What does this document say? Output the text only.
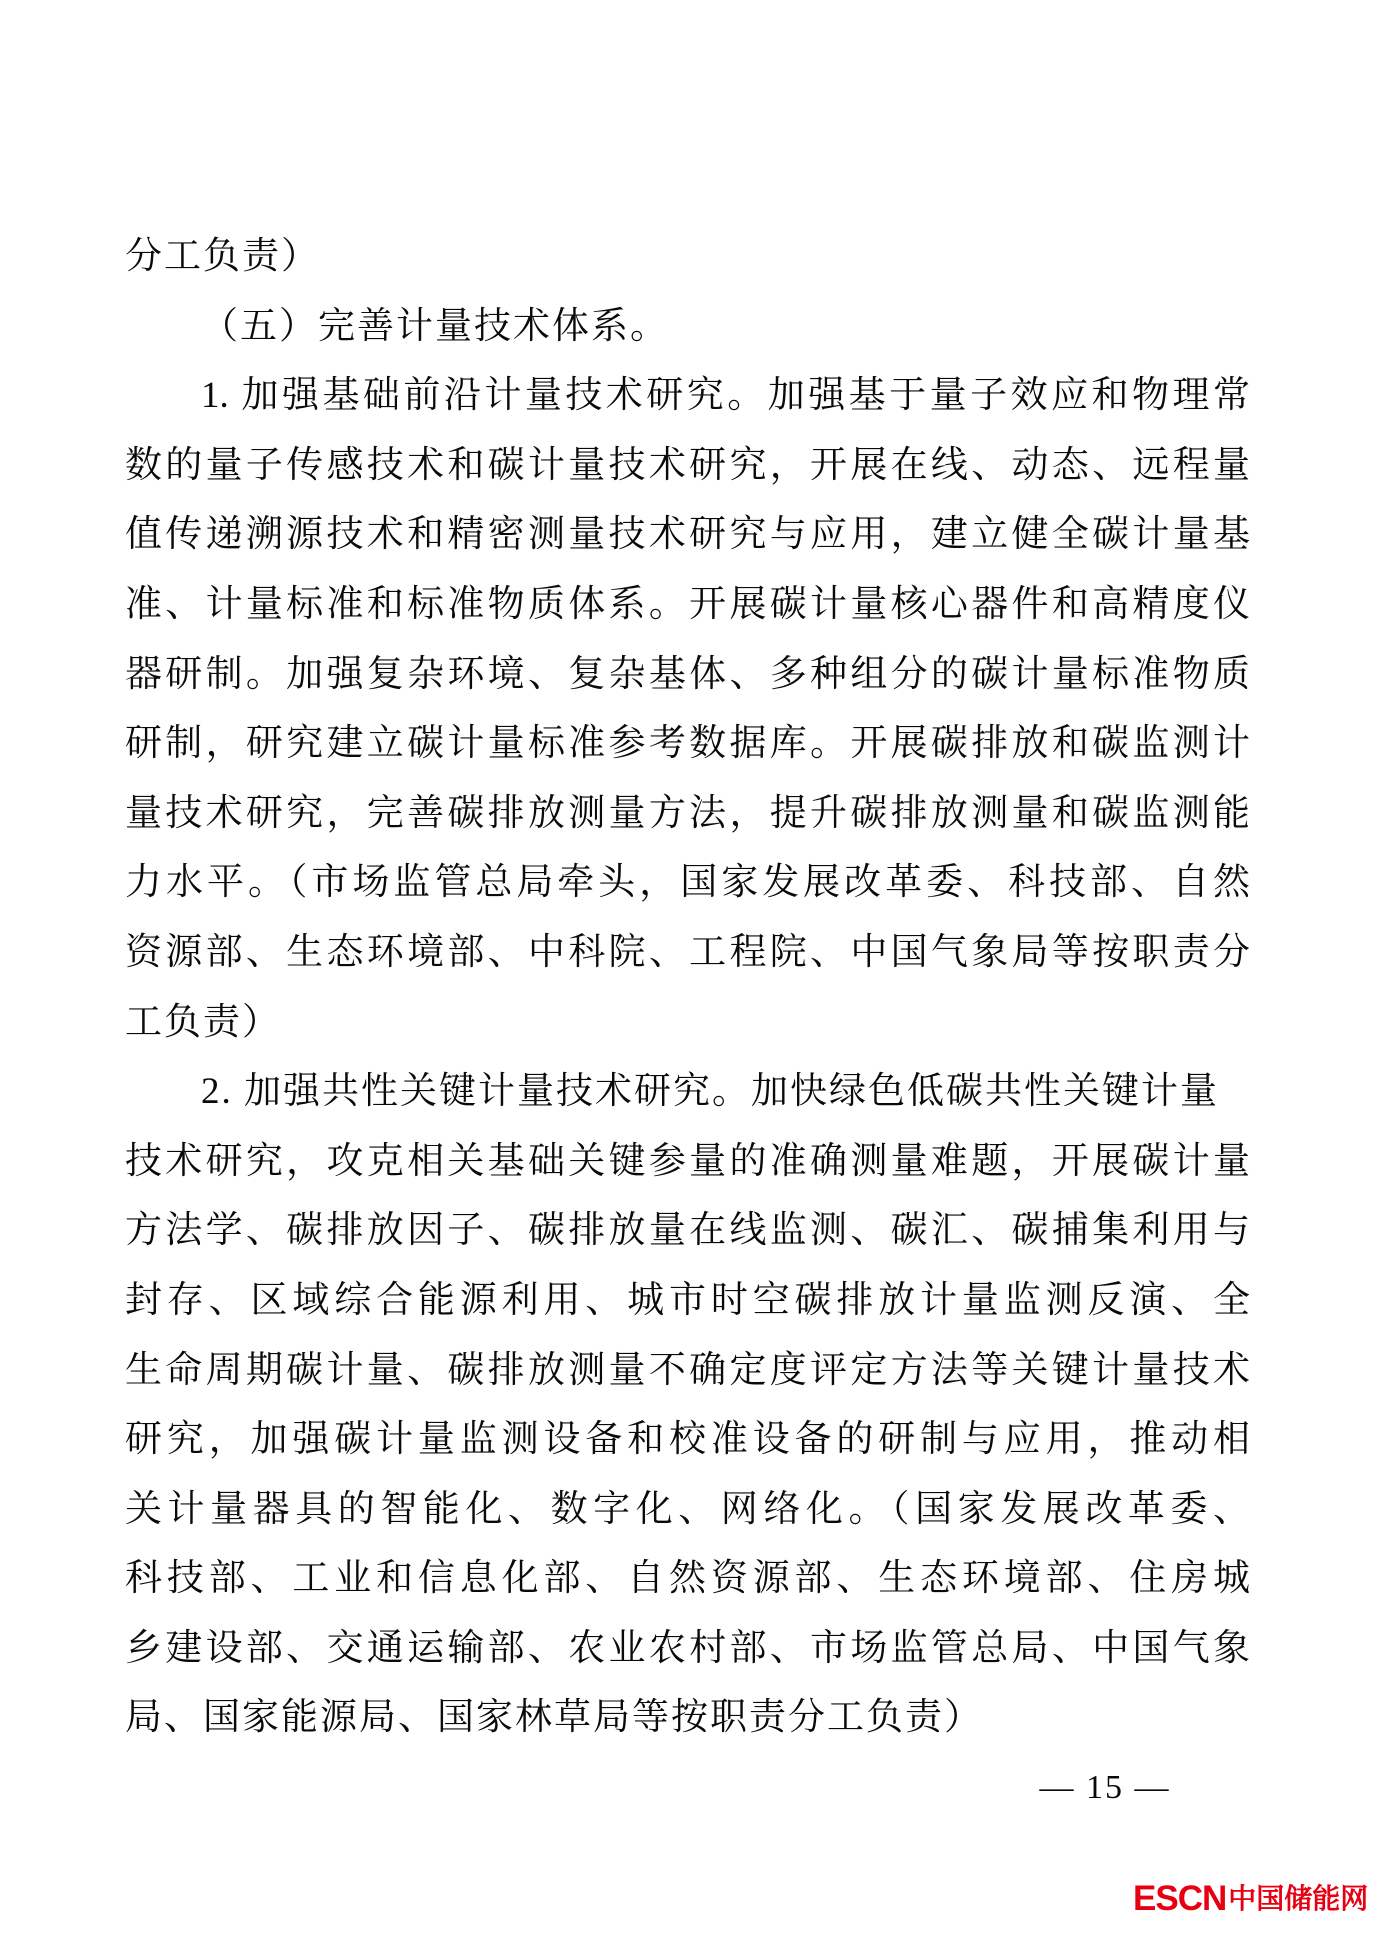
分工负责）
（五）完善计量技术体系。
1. 加强基础前沿计量技术研究。加强基于量子效应和物理常
数的量子传感技术和碳计量技术研究，开展在线、动态、远程量
值传递溯源技术和精密测量技术研究与应用，建立健全碳计量基
准、计量标准和标准物质体系。开展碳计量核心器件和高精度仪
器研制。加强复杂环境、复杂基体、多种组分的碳计量标准物质
研制，研究建立碳计量标准参考数据库。开展碳排放和碳监测计
量技术研究，完善碳排放测量方法，提升碳排放测量和碳监测能
力水平。（市场监管总局牵头，国家发展改革委、科技部、自然
资源部、生态环境部、中科院、工程院、中国气象局等按职责分
工负责）
2. 加强共性关键计量技术研究。加快绿色低碳共性关键计量
技术研究，攻克相关基础关键参量的准确测量难题，开展碳计量
方法学、碳排放因子、碳排放量在线监测、碳汇、碳捕集利用与
封存、区域综合能源利用、城市时空碳排放计量监测反演、全
生命周期碳计量、碳排放测量不确定度评定方法等关键计量技术
研究，加强碳计量监测设备和校准设备的研制与应用，推动相
关计量器具的智能化、数字化、网络化。（国家发展改革委、
科技部、工业和信息化部、自然资源部、生态环境部、住房城
乡建设部、交通运输部、农业农村部、市场监管总局、中国气象
局、国家能源局、国家林草局等按职责分工负责）
— 15 —
ESCN 中国储能网
